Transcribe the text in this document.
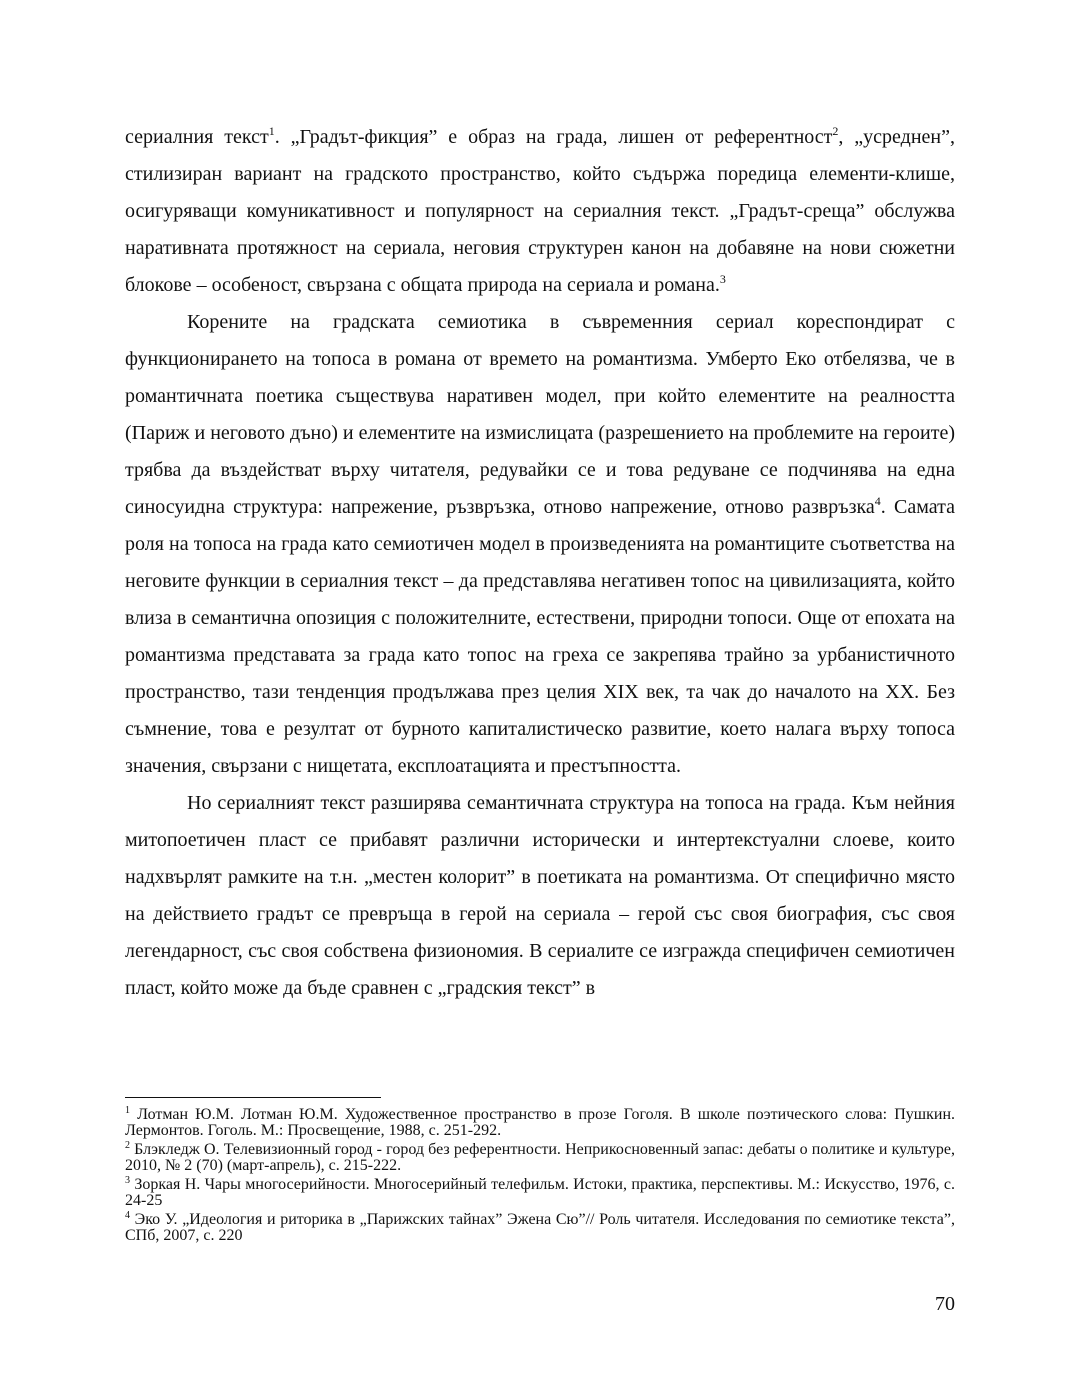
сериалния текст$^1$. „Градът-фикция” е образ на града, лишен от референтност$^2$, „усреднен”, стилизиран вариант на градското пространство, който съдържа поредица елементи-клише, осигуряващи комуникативност и популярност на сериалния текст. „Градът-среща” обслужва наративната протяжност на сериала, неговия структурен канон на добавяне на нови сюжетни блокове – особеност, свързана с общата природа на сериала и романа.$^3$

Корените на градската семиотика в съвременния сериал кореспондират с функционирането на топоса в романа от времето на романтизма. Умберто Еко отбелязва, че в романтичната поетика съществува наративен модел, при който елементите на реалността (Париж и неговото дъно) и елементите на измислицата (разрешението на проблемите на героите) трябва да въздействат върху читателя, редувайки се и това редуване се подчинява на една синосуидна структура: напрежение, ръзвръзка, отново напрежение, отново развръзка$^4$. Самата роля на топоса на града като семиотичен модел в произведенията на романтиците съответства на неговите функции в сериалния текст – да представлява негативен топос на цивилизацията, който влиза в семантична опозиция с положителните, естествени, природни топоси. Още от епохата на романтизма представата за града като топос на греха се закрепява трайно за урбанистичното пространство, тази тенденция продължава през целия XIX век, та чак до началото на XX. Без съмнение, това е резултат от бурното капиталистическо развитие, което налага върху топоса значения, свързани с нищетата, експлоатацията и престъпността.

Но сериалният текст разширява семантичната структура на топоса на града. Към нейния митопоетичен пласт се прибавят различни исторически и интертекстуални слоеве, които надхвърлят рамките на т.н. „местен колорит” в поетиката на романтизма. От специфично място на действието градът се превръща в герой на сериала – герой със своя биография, със своя легендарност, със своя собствена физиономия. В сериалите се изгражда специфичен семиотичен пласт, който може да бъде сравнен с „градския текст” в

$^1$ Лотман Ю.М. Лотман Ю.М. Художественное пространство в прозе Гоголя. В школе поэтического слова: Пушкин. Лермонтов. Гоголь. М.: Просвещение, 1988, с. 251-292.

$^2$ Блэкледж О. Телевизионный город - город без референтности. Неприкосновенный запас: дебаты о политике и культуре, 2010, № 2 (70) (март-апрель), с. 215-222.

$^3$ Зоркая Н. Чары многосерийности. Многосерийный телефильм. Истоки, практика, перспективы. М.: Искусство, 1976, с. 24-25

$^4$ Эко У. „Идеология и риторика в „Парижских тайнах” Эжена Сю”// Роль читателя. Исследования по семиотике текста”, СПб, 2007, с. 220

70
